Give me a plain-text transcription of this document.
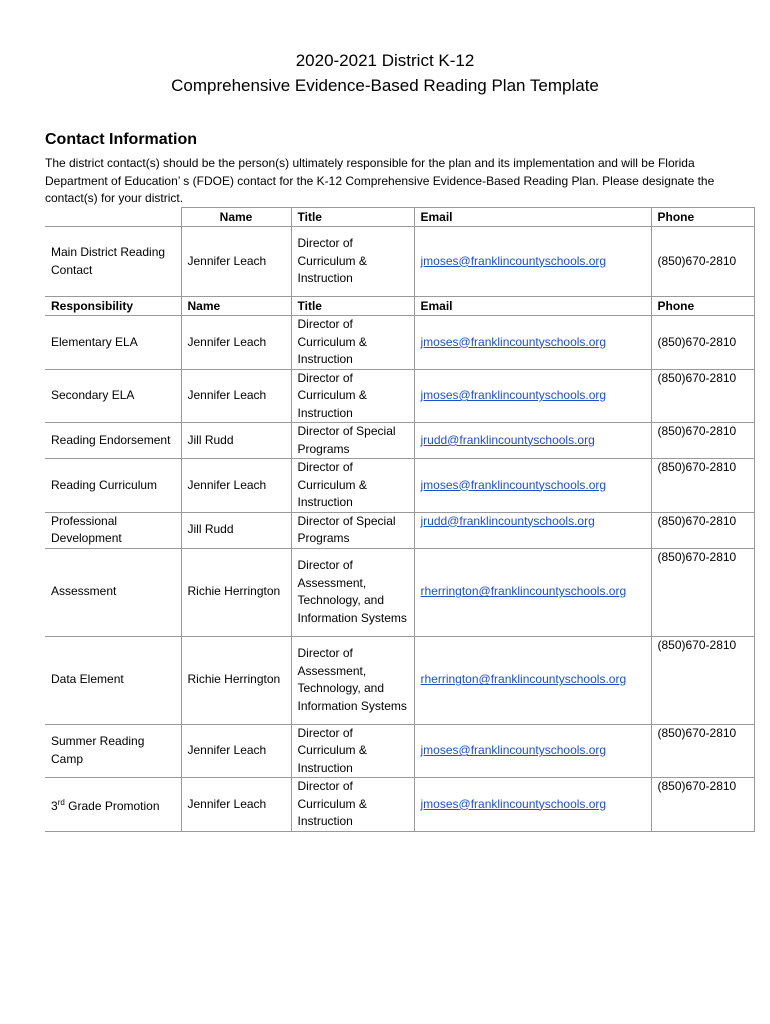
2020-2021 District K-12
Comprehensive Evidence-Based Reading Plan Template
Contact Information
The district contact(s) should be the person(s) ultimately responsible for the plan and its implementation and will be Florida Department of Education’ s (FDOE) contact for the K-12 Comprehensive Evidence-Based Reading Plan. Please designate the contact(s) for your district.
	Name	Title	Email	Phone
Main District Reading Contact	Jennifer Leach	Director of Curriculum & Instruction	jmoses@franklincountyschools.org	(850)670-2810
Responsibility	Name	Title	Email	Phone
Elementary ELA	Jennifer Leach	Director of Curriculum & Instruction	jmoses@franklincountyschools.org	(850)670-2810
Secondary ELA	Jennifer Leach	Director of Curriculum & Instruction	jmoses@franklincountyschools.org	(850)670-2810
Reading Endorsement	Jill Rudd	Director of Special Programs	jrudd@franklincountyschools.org	(850)670-2810
Reading Curriculum	Jennifer Leach	Director of Curriculum & Instruction	jmoses@franklincountyschools.org	(850)670-2810
Professional Development	Jill Rudd	Director of Special Programs	jrudd@franklincountyschools.org	(850)670-2810
Assessment	Richie Herrington	Director of Assessment, Technology, and Information Systems	rherrington@franklincountyschools.org	(850)670-2810
Data Element	Richie Herrington	Director of Assessment, Technology, and Information Systems	rherrington@franklincountyschools.org	(850)670-2810
Summer Reading Camp	Jennifer Leach	Director of Curriculum & Instruction	jmoses@franklincountyschools.org	(850)670-2810
3rd Grade Promotion	Jennifer Leach	Director of Curriculum & Instruction	jmoses@franklincountyschools.org	(850)670-2810
